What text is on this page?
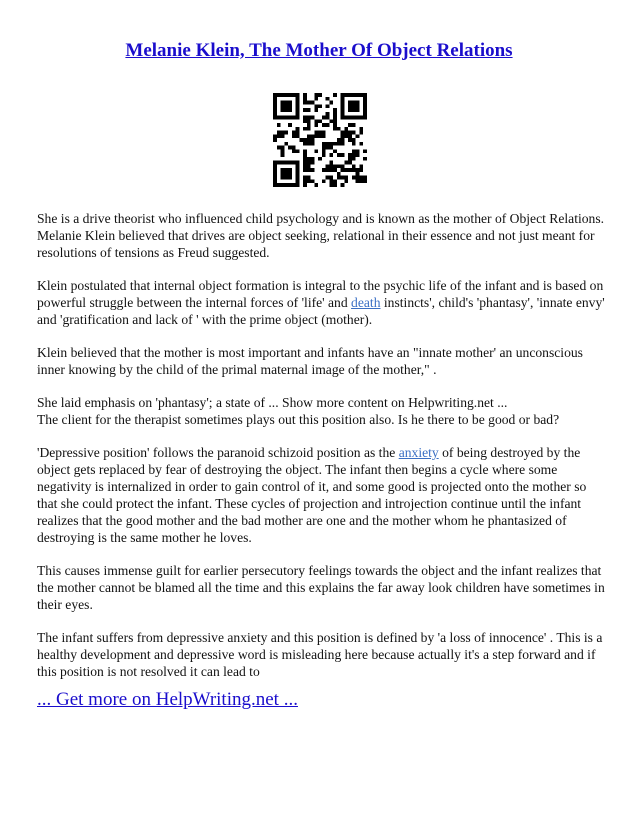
Melanie Klein, The Mother Of Object Relations

She is a drive theorist who influenced child psychology and is known as the mother of Object Relations. Melanie Klein believed that drives are object seeking, relational in their essence and not just meant for resolutions of tensions as Freud suggested.

Klein postulated that internal object formation is integral to the psychic life of the infant and is based on powerful struggle between the internal forces of 'life' and death instincts', child's 'phantasy', 'innate envy' and 'gratification and lack of ' with the prime object (mother).

Klein believed that the mother is most important and infants have an "innate mother' an unconscious inner knowing by the child of the primal maternal image of the mother," .

She laid emphasis on 'phantasy'; a state of ... Show more content on Helpwriting.net ...
The client for the therapist sometimes plays out this position also. Is he there to be good or bad?

'Depressive position' follows the paranoid schizoid position as the anxiety of being destroyed by the object gets replaced by fear of destroying the object. The infant then begins a cycle where some negativity is internalized in order to gain control of it, and some good is projected onto the mother so that she could protect the infant. These cycles of projection and introjection continue until the infant realizes that the good mother and the bad mother are one and the mother whom he phantasized of destroying is the same mother he loves.

This causes immense guilt for earlier persecutory feelings towards the object and the infant realizes that the mother cannot be blamed all the time and this explains the far away look children have sometimes in their eyes.

The infant suffers from depressive anxiety and this position is defined by 'a loss of innocence' . This is a healthy development and depressive word is misleading here because actually it's a step forward and if this position is not resolved it can lead to

... Get more on HelpWriting.net ...
